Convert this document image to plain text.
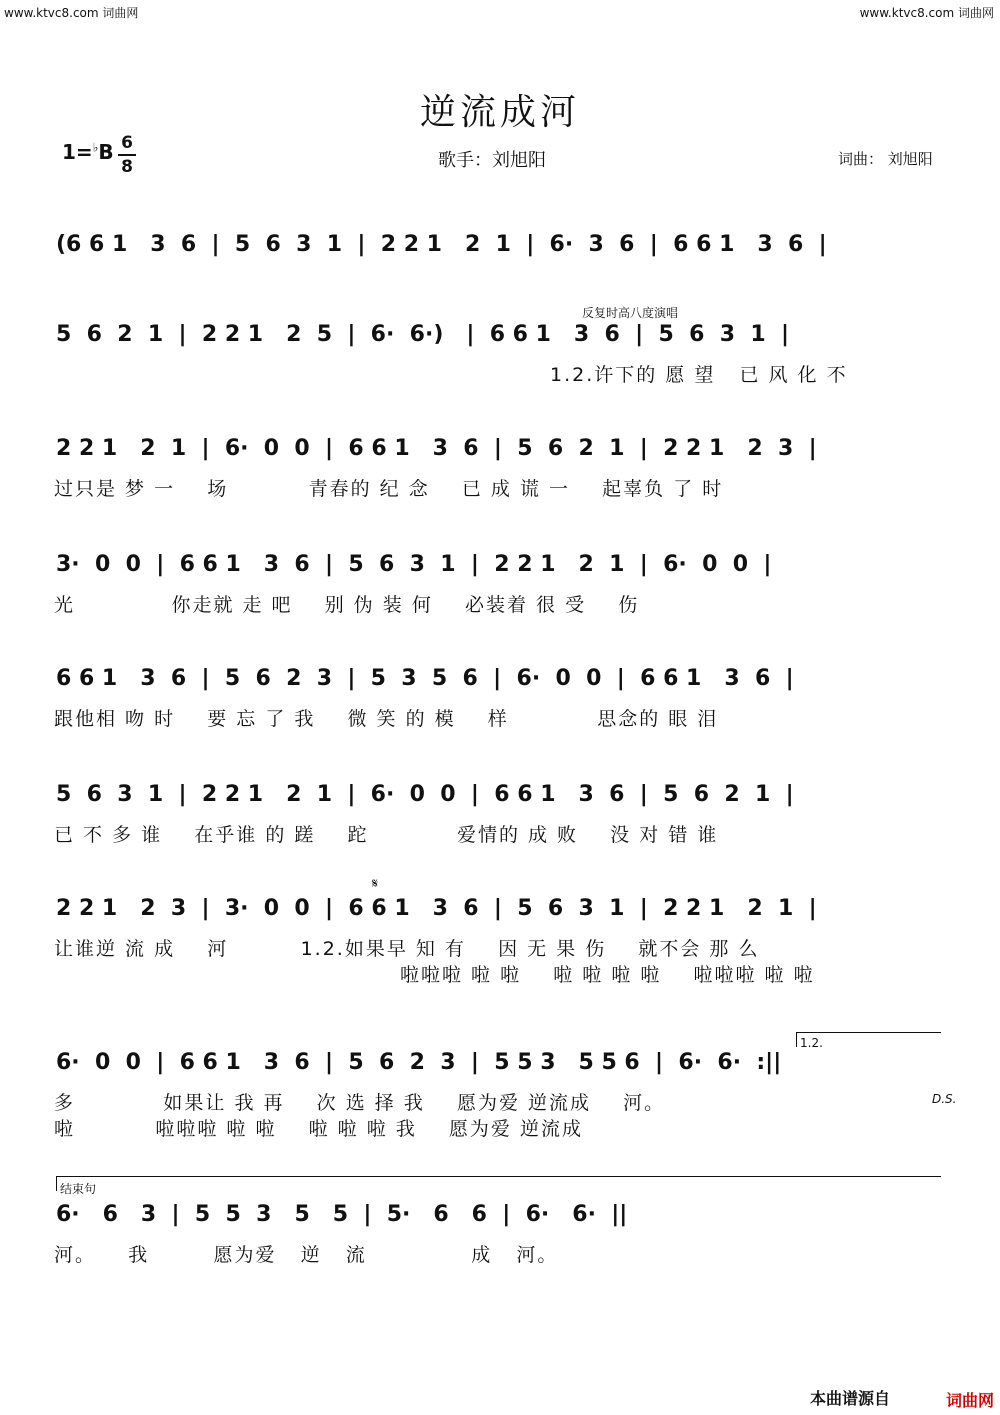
www.ktvc8.com 词曲网	www.ktvc8.com 词曲网
逆流成河
$1=^♭B \frac{6}{8}$	歌手：刘旭阳	词曲： 刘旭阳
(6 6 1   3  6  |  5  6  3  1  |  2 2 1   2  1  |  6·  3  6  |  6 6 1   3  6  |
5  6  2  1  |  2 2 1   2  5  |  6·  6·)   |  6 6 1   3  6  |  5  6  3  1  |
1.2.许下的 愿 望   已 风 化 不
2 2 1   2  1  |  6·  0  0  |  6 6 1   3  6  |  5  6  2  1  |  2 2 1   2  3  |
过只是 梦 一    场          青春的 纪 念    已 成 谎 一    起辜负 了 时
3·  0  0  |  6 6 1   3  6  |  5  6  3  1  |  2 2 1   2  1  |  6·  0  0  |
光            你走就 走 吧    别 伪 装 何    必装着 很 受    伤
6 6 1   3  6  |  5  6  2  3  |  5  3  5  6  |  6·  0  0  |  6 6 1   3  6  |
跟他相 吻 时    要 忘 了 我    微 笑 的 模    样           思念的 眼 泪
5  6  3  1  |  2 2 1   2  1  |  6·  0  0  |  6 6 1   3  6  |  5  6  2  1  |
已 不 多 谁    在乎谁 的 蹉    跎           爱情的 成 败    没 对 错 谁
2 2 1   2  3  |  3·  0  0  |  6 6 1   3  6  |  5  6  3  1  |  2 2 1   2  1  |
让谁逆 流 成    河         1.2.如果早 知 有    因 无 果 伤    就不会 那 么
6·  0  0  |  6 6 1   3  6  |  5  6  2  3  |  5 5 3   5 5 6  |  6·  6·  :||
多           如果让 我 再    次 选 择 我    愿为爱 逆流成    河。
6·   6   3  |  5  5  3   5   5  |  5·   6   6  |  6·   6·  ||
河。    我        愿为爱   逆   流             成   河。
啦啦啦 啦 啦    啦 啦 啦 啦    啦啦啦 啦 啦
啦          啦啦啦 啦 啦    啦 啦 啦 我    愿为爱 逆流成
反复时高八度演唱
𝄋
1.2.
D.S.
结束句
本曲谱源自	词曲网
